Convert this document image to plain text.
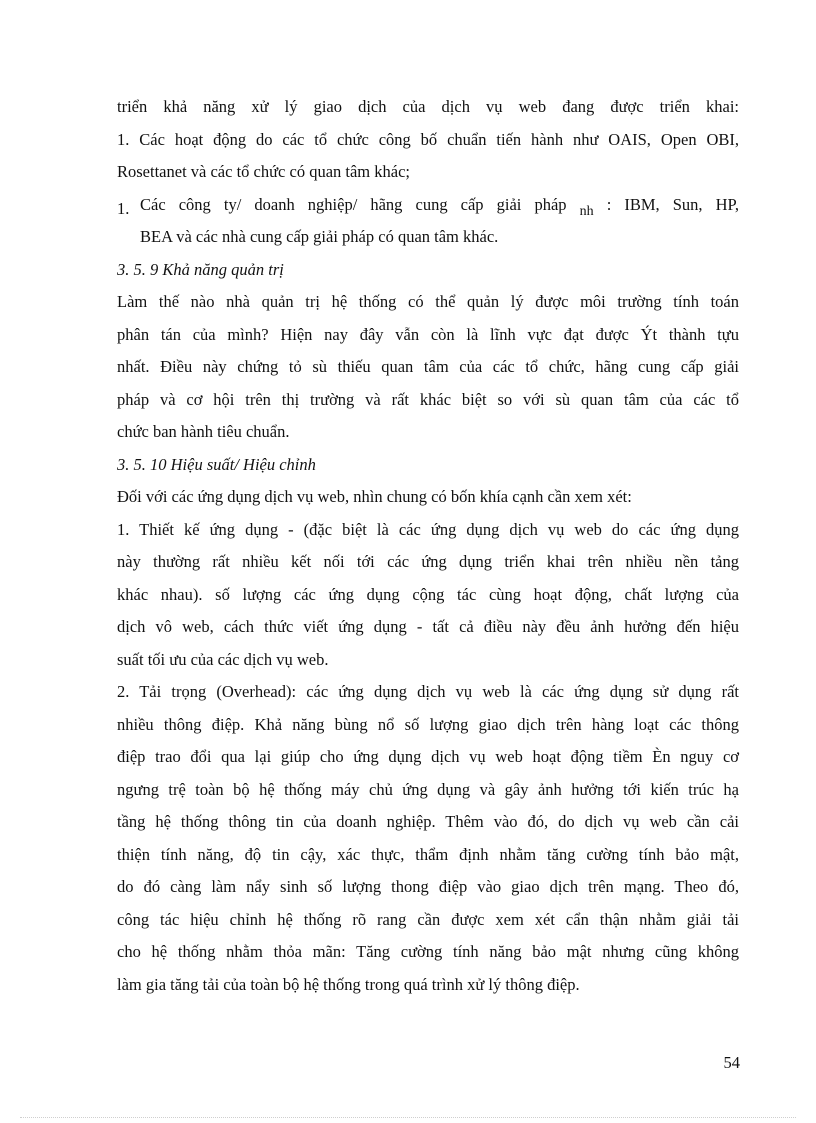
triển khả năng xử lý giao dịch của dịch vụ web đang được triển khai:
1. Các hoạt động do các tổ chức công bố chuẩn tiến hành như OAIS, Open OBI,
Rosettanet và các tổ chức có quan tâm khác;
1. Các công ty/ doanh nghiệp/ hãng cung cấp giải pháp $_{nh}$ : IBM, Sun, HP,
BEA và các nhà cung cấp giải pháp có quan tâm khác.
3. 5. 9 Khả năng quản trị
Làm thế nào nhà quản trị hệ thống có thể quản lý được môi trường tính toán
phân tán của mình? Hiện nay đây vẫn còn là lĩnh vực đạt được Ýt thành tựu
nhất. Điều này chứng tỏ sù thiếu quan tâm của các tổ chức, hãng cung cấp giải
pháp và cơ hội trên thị trường và rất khác biệt so với sù quan tâm của các tổ
chức ban hành tiêu chuẩn.
3. 5. 10 Hiệu suất/ Hiệu chỉnh
Đối với các ứng dụng dịch vụ web, nhìn chung có bốn khía cạnh cần xem xét:
1. Thiết kế ứng dụng - (đặc biệt là các ứng dụng dịch vụ web do các ứng dụng
này thường rất nhiều kết nối tới các ứng dụng triển khai trên nhiều nền tảng
khác nhau). số lượng các ứng dụng cộng tác cùng hoạt động, chất lượng của
dịch vô web, cách thức viết ứng dụng - tất cả điều này đều ảnh hưởng đến hiệu
suất tối ưu của các dịch vụ web.
2. Tải trọng (Overhead): các ứng dụng dịch vụ web là các ứng dụng sử dụng rất
nhiều thông điệp. Khả năng bùng nổ số lượng giao dịch trên hàng loạt các thông
điệp trao đổi qua lại giúp cho ứng dụng dịch vụ web hoạt động tiềm Èn nguy cơ
ngưng trệ toàn bộ hệ thống máy chủ ứng dụng và gây ảnh hưởng tới kiến trúc hạ
tầng hệ thống thông tin của doanh nghiệp. Thêm vào đó, do dịch vụ web cần cải
thiện tính năng, độ tin cậy, xác thực, thẩm định nhằm tăng cường tính bảo mật,
do đó càng làm nẩy sinh số lượng thong điệp vào giao dịch trên mạng. Theo đó,
công tác hiệu chỉnh hệ thống rõ rang cần được xem xét cẩn thận nhằm giải tải
cho hệ thống nhằm thỏa mãn: Tăng cường tính năng bảo mật nhưng cũng không
làm gia tăng tải của toàn bộ hệ thống trong quá trình xử lý thông điệp.
54
